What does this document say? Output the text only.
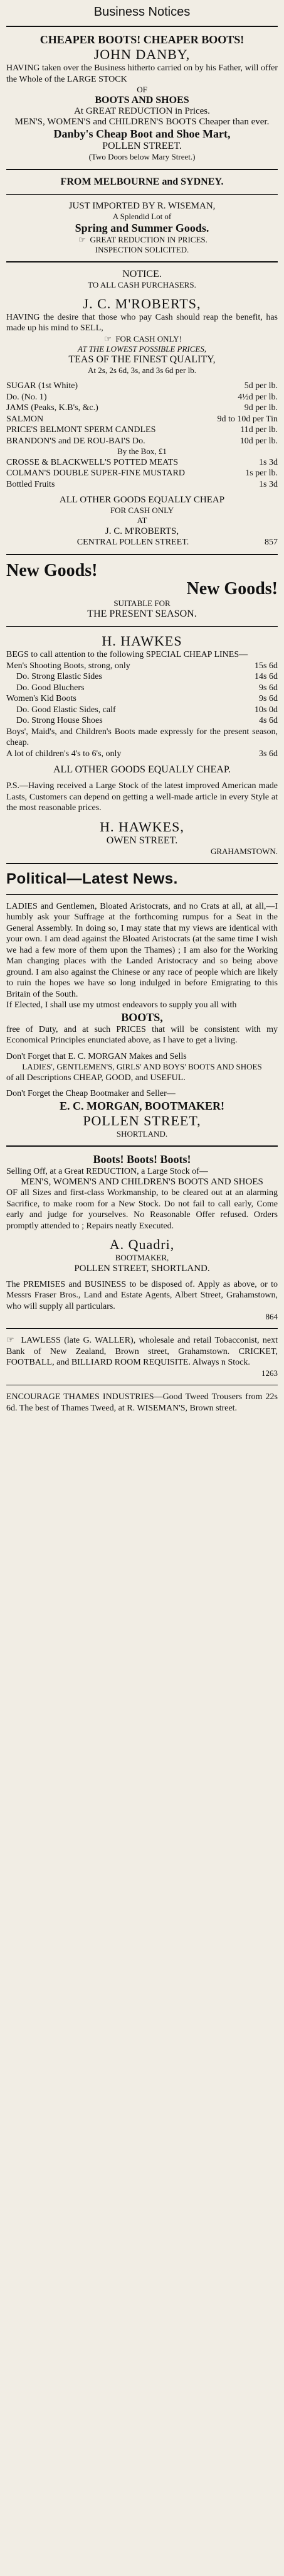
Business Notices
CHEAPER BOOTS! CHEAPER BOOTS!
JOHN DANBY,
HAVING taken over the Business hitherto carried on by his Father, will offer the Whole of the LARGE STOCK
OF
BOOTS AND SHOES
At GREAT REDUCTION in Prices.
MEN'S, WOMEN'S and CHILDREN'S BOOTS Cheaper than ever.
Danby's Cheap Boot and Shoe Mart,
POLLEN STREET.
(Two Doors below Mary Street.)
FROM MELBOURNE and SYDNEY.
JUST IMPORTED BY R. WISEMAN,
A Splendid Lot of
Spring and Summer Goods.
☞ GREAT REDUCTION IN PRICES.
INSPECTION SOLICITED.
NOTICE.
TO ALL CASH PURCHASERS.
J. C. M'ROBERTS,
HAVING the desire that those who pay Cash should reap the benefit, has made up his mind to SELL,
☞ FOR CASH ONLY!
AT THE LOWEST POSSIBLE PRICES,
TEAS OF THE FINEST QUALITY,
At 2s, 2s 6d, 3s, and 3s 6d per lb.
SUGAR (1st White)	5d per lb.
Do. (No. 1)	4½d per lb.
JAMS (Peaks, K.B's, &c.)	9d per lb.
SALMON	9d to 10d per Tin
PRICE'S BELMONT SPERM CANDLES	11d per lb.
BRANDON'S and DE ROU-BAI'S Do.	10d per lb.
By the Box, £1
CROSSE & BLACKWELL'S POTTED MEATS	1s 3d
COLMAN'S DOUBLE SUPER-FINE MUSTARD	1s per lb.
Bottled Fruits	1s 3d
ALL OTHER GOODS EQUALLY CHEAP
FOR CASH ONLY
AT
J. C. M'ROBERTS,
CENTRAL POLLEN STREET.	857
New Goods!
New Goods!
SUITABLE FOR
THE PRESENT SEASON.
H. HAWKES
BEGS to call attention to the following SPECIAL CHEAP LINES—
Men's Shooting Boots, strong, only	15s 6d
Do. Strong Elastic Sides	14s 6d
Do. Good Bluchers	9s 6d
Women's Kid Boots	9s 6d
Do. Good Elastic Sides, calf	10s 0d
Do. Strong House Shoes	4s 6d
Boys', Maid's, and Children's Boots made expressly for the present season, cheap.
A lot of children's 4's to 6's, only	3s 6d
ALL OTHER GOODS EQUALLY CHEAP.
P.S.—Having received a Large Stock of the latest improved American made Lasts, Customers can depend on getting a well-made article in every Style at the most reasonable prices.
H. HAWKES,
OWEN STREET.
GRAHAMSTOWN.
Political—Latest News.
LADIES and Gentlemen, Bloated Aristocrats, and no Crats at all, at all,—I humbly ask your Suffrage at the forthcoming rumpus for a Seat in the General Assembly. In doing so, I may state that my views are identical with your own. I am dead against the Bloated Aristocrats (at the same time I wish we had a few more of them upon the Thames) ; I am also for the Working Man changing places with the Landed Aristocracy and so being above ground. I am also against the Chinese or any race of people which are likely to ruin the hopes we have so long indulged in before Emigrating to this Britain of the South.
If Elected, I shall use my utmost endeavors to supply you all with
BOOTS,
free of Duty, and at such PRICES that will be consistent with my Economical Principles enunciated above, as I have to get a living.
Don't Forget that E. C. MORGAN Makes and Sells
LADIES', GENTLEMEN'S, GIRLS' AND BOYS' BOOTS AND SHOES
of all Descriptions CHEAP, GOOD, and USEFUL.
Don't Forget the Cheap Bootmaker and Seller—
E. C. MORGAN, BOOTMAKER!
POLLEN STREET,
SHORTLAND.
Boots! Boots! Boots!
Selling Off, at a Great REDUCTION, a Large Stock of—
MEN'S, WOMEN'S AND CHILDREN'S BOOTS AND SHOES
OF all Sizes and first-class Workmanship, to be cleared out at an alarming Sacrifice, to make room for a New Stock. Do not fail to call early, Come early and judge for yourselves. No Reasonable Offer refused. Orders promptly attended to ; Repairs neatly Executed.
A. Quadri,
BOOTMAKER,
POLLEN STREET, SHORTLAND.
The PREMISES and BUSINESS to be disposed of. Apply as above, or to Messrs Fraser Bros., Land and Estate Agents, Albert Street, Grahamstown, who will supply all particulars.
864
☞ LAWLESS (late G. WALLER), wholesale and retail Tobacconist, next Bank of New Zealand, Brown street, Grahamstown. CRICKET, FOOTBALL, and BILLIARD ROOM REQUISITE. Always n Stock.
1263
ENCOURAGE THAMES INDUSTRIES—Good Tweed Trousers from 22s 6d. The best of Thames Tweed, at R. WISEMAN'S, Brown street.
